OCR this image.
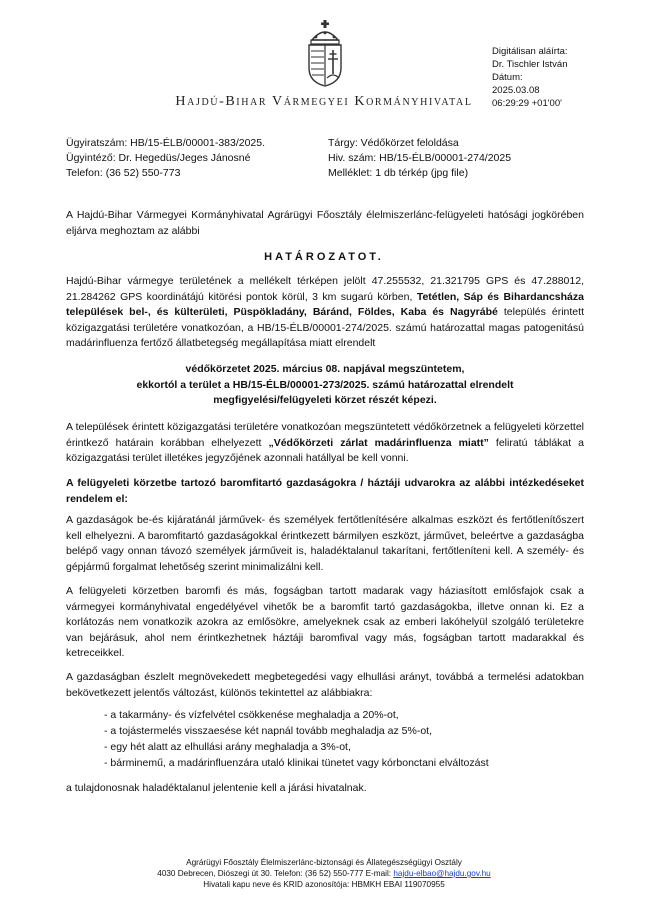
Hajdú-Bihar Vármegyei Kormányhivatal
Digitálisan aláírta:
Dr. Tischler István
Dátum:
2025.03.08
06:29:29 +01'00'
Ügyiratszám: HB/15-ÉLB/00001-383/2025.
Ügyintéző: Dr. Hegedüs/Jeges Jánosné
Telefon: (36 52) 550-773
Tárgy: Védőkörzet feloldása
Hiv. szám: HB/15-ÉLB/00001-274/2025
Melléklet: 1 db térkép (jpg file)
A Hajdú-Bihar Vármegyei Kormányhivatal Agrárügyi Főosztály élelmiszerlánc-felügyeleti hatósági jogkörében eljárva meghoztam az alábbi
HATÁROZATOT.
Hajdú-Bihar vármegye területének a mellékelt térképen jelölt 47.255532, 21.321795 GPS és 47.288012, 21.284262 GPS koordinátájú kitörési pontok körül, 3 km sugarú körben, Tetétlen, Sáp és Bihardancsháza települések bel-, és külterületi, Püspökladány, Báránd, Földes, Kaba és Nagyrábé település érintett közigazgatási területére vonatkozóan, a HB/15-ÉLB/00001-274/2025. számú határozattal magas patogenitású madárinfluenza fertőző állatbetegség megállapítása miatt elrendelt
védőkörzetet 2025. március 08. napjával megszüntetem,
ekkortól a terület a HB/15-ÉLB/00001-273/2025. számú határozattal elrendelt
megfigyelési/felügyeleti körzet részét képezi.
A települések érintett közigazgatási területére vonatkozóan megszüntetett védőkörzetnek a felügyeleti körzettel érintkező határain korábban elhelyezett „Védőkörzeti zárlat madárinfluenza miatt” feliratú táblákat a közigazgatási terület illetékes jegyzőjének azonnali hatállyal be kell vonni.
A felügyeleti körzetbe tartozó baromfitartó gazdaságokra / háztáji udvarokra az alábbi intézkedéseket rendelem el:
A gazdaságok be-és kijáratánál járművek- és személyek fertőtlenítésére alkalmas eszközt és fertőtlenítőszert kell elhelyezni. A baromfitartó gazdaságokkal érintkezett bármilyen eszközt, járművet, beleértve a gazdaságba belépő vagy onnan távozó személyek járműveit is, haladéktalanul takarítani, fertőtleníteni kell. A személy- és gépjármű forgalmat lehetőség szerint minimalizálni kell.
A felügyeleti körzetben baromfi és más, fogságban tartott madarak vagy háziasított emlősfajok csak a vármegyei kormányhivatal engedélyével vihetők be a baromfit tartó gazdaságokba, illetve onnan ki. Ez a korlátozás nem vonatkozik azokra az emlősökre, amelyeknek csak az emberi lakóhelyül szolgáló területekre van bejárásuk, ahol nem érintkezhetnek háztáji baromfival vagy más, fogságban tartott madarakkal és ketreceikkel.
A gazdaságban észlelt megnövekedett megbetegedési vagy elhullási arányt, továbbá a termelési adatokban bekövetkezett jelentős változást, különös tekintettel az alábbiakra:
- a takarmány- és vízfelvétel csökkenése meghaladja a 20%-ot,
- a tojástermelés visszaesése két napnál tovább meghaladja az 5%-ot,
- egy hét alatt az elhullási arány meghaladja a 3%-ot,
- bárminemű, a madárinfluenzára utaló klinikai tünetet vagy kórbonctani elváltozást
a tulajdonosnak haladéktalanul jelentenie kell a járási hivatalnak.
Agrárügyi Főosztály Élelmiszerlánc-biztonsági és Állategészségügyi Osztály
4030 Debrecen, Diószegi út 30. Telefon: (36 52) 550-777 E-mail: hajdu-elbao@hajdu.gov.hu
Hivatali kapu neve és KRID azonosítója: HBMKH EBAI 119070955
